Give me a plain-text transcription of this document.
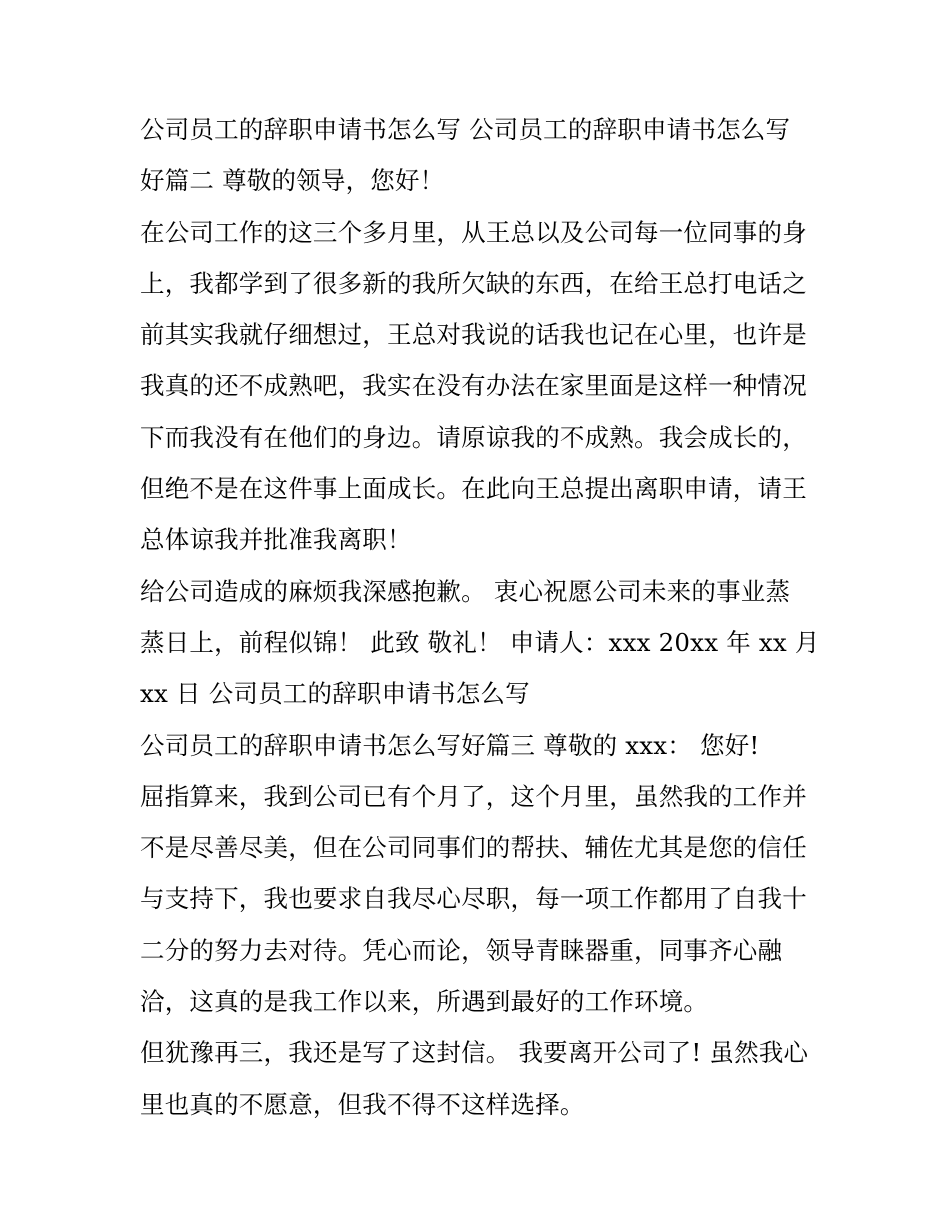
公司员工的辞职申请书怎么写 公司员工的辞职申请书怎么写
好篇二 尊敬的领导，您好！
在公司工作的这三个多月里，从王总以及公司每一位同事的身
上，我都学到了很多新的我所欠缺的东西，在给王总打电话之
前其实我就仔细想过，王总对我说的话我也记在心里，也许是
我真的还不成熟吧，我实在没有办法在家里面是这样一种情况
下而我没有在他们的身边。请原谅我的不成熟。我会成长的，
但绝不是在这件事上面成长。在此向王总提出离职申请，请王
总体谅我并批准我离职！
给公司造成的麻烦我深感抱歉。 衷心祝愿公司未来的事业蒸
蒸日上，前程似锦！ 此致 敬礼！ 申请人：xxx 20xx 年 xx 月
xx 日 公司员工的辞职申请书怎么写
公司员工的辞职申请书怎么写好篇三 尊敬的 xxx： 您好!
屈指算来，我到公司已有个月了，这个月里，虽然我的工作并
不是尽善尽美，但在公司同事们的帮扶、辅佐尤其是您的信任
与支持下，我也要求自我尽心尽职，每一项工作都用了自我十
二分的努力去对待。凭心而论，领导青睐器重，同事齐心融
洽，这真的是我工作以来，所遇到最好的工作环境。
但犹豫再三，我还是写了这封信。 我要离开公司了! 虽然我心
里也真的不愿意，但我不得不这样选择。
